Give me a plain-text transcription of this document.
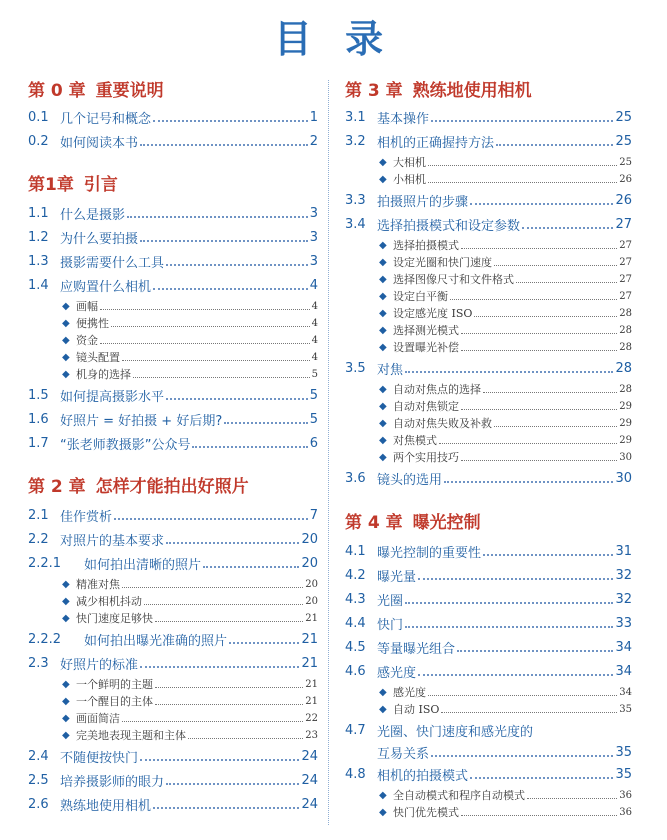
目 录
第 0 章 重要说明
0.1 几个记号和概念	1
0.2 如何阅读本书	2
第1章 引言
1.1 什么是摄影	3
1.2 为什么要拍摄	3
1.3 摄影需要什么工具	3
1.4 应购置什么相机	4
◆ 画幅	4
◆ 便携性	4
◆ 资金	4
◆ 镜头配置	4
◆ 机身的选择	5
1.5 如何提高摄影水平	5
1.6 好照片 = 好拍摄 + 好后期?	5
1.7 “张老师教摄影”公众号	6
第 2 章 怎样才能拍出好照片
2.1 佳作赏析	7
2.2 对照片的基本要求	20
2.2.1	如何拍出清晰的照片	20
◆ 精准对焦	20
◆ 减少相机抖动	20
◆ 快门速度足够快	21
2.2.2	如何拍出曝光准确的照片	21
2.3 好照片的标准	21
◆ 一个鲜明的主题	21
◆ 一个醒目的主体	21
◆ 画面简洁	22
◆ 完美地表现主题和主体	23
2.4 不随便按快门	24
2.5 培养摄影师的眼力	24
2.6 熟练地使用相机	24
第 3 章 熟练地使用相机
3.1 基本操作	25
3.2 相机的正确握持方法	25
◆ 大相机	25
◆ 小相机	26
3.3 拍摄照片的步骤	26
3.4 选择拍摄模式和设定参数	27
◆ 选择拍摄模式	27
◆ 设定光圈和快门速度	27
◆ 选择图像尺寸和文件格式	27
◆ 设定白平衡	27
◆ 设定感光度 ISO	28
◆ 选择测光模式	28
◆ 设置曝光补偿	28
3.5 对焦	28
◆ 自动对焦点的选择	28
◆ 自动对焦锁定	29
◆ 自动对焦失败及补救	29
◆ 对焦模式	29
◆ 两个实用技巧	30
3.6 镜头的选用	30
第 4 章 曝光控制
4.1 曝光控制的重要性	31
4.2 曝光量	32
4.3 光圈	32
4.4 快门	33
4.5 等量曝光组合	34
4.6 感光度	34
◆ 感光度	34
◆ 自动 ISO	35
4.7 光圈、快门速度和感光度的
互易关系	35
4.8 相机的拍摄模式	35
◆ 全自动模式和程序自动模式	36
◆ 快门优先模式	36
